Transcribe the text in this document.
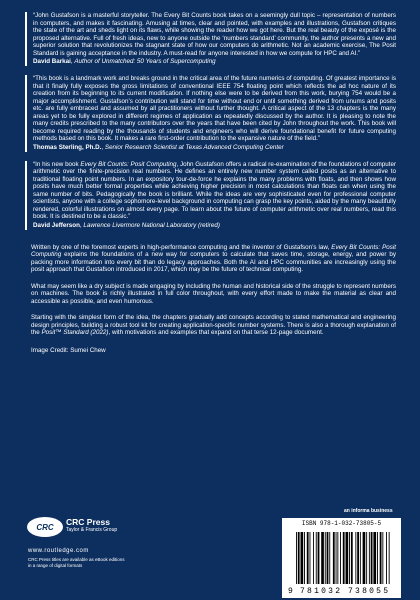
“John Gustafson is a masterful storyteller. The Every Bit Counts book takes on a seemingly dull topic – representation of numbers in computers, and makes it fascinating. Amusing at times, clear and pointed, with examples and illustrations, Gustafson critiques the state of the art and sheds light on its flaws, while showing the reader how we got here. But the real beauty of the exposé is the proposed alternative. Full of fresh ideas, new to anyone outside the ‘numbers standard’ community, the author presents a new and superior solution that revolutionizes the stagnant state of how our computers do arithmetic. Not an academic exercise, The Posit Standard is gaining acceptance in the industry. A must-read for anyone interested in how we compute for HPC and AI.”

David Barkai, Author of Unmatched: 50 Years of Supercomputing

“This book is a landmark work and breaks ground in the critical area of the future numerics of computing. Of greatest importance is that it finally fully exposes the gross limitations of conventional IEEE 754 floating point which reflects the ad hoc nature of its creation from its beginning to its current modification. If nothing else were to be derived from this work, burying 754 would be a major accomplishment. Gustafson’s contribution will stand for time without end or until something derived from unums and posits etc. are fully embraced and assumed by all practitioners without further thought. A critical aspect of the 13 chapters is the many areas yet to be fully explored in different regimes of application as repeatedly discussed by the author. It is pleasing to note the many credits prescribed to the many contributors over the years that have been cited by John throughout the work. This book will become required reading by the thousands of students and engineers who will derive foundational benefit for future computing methods based on this book. It makes a rare first-order contribution to the expansive nature of the field.”

Thomas Sterling, Ph.D., Senior Research Scientist at Texas Advanced Computing Center

“In his new book Every Bit Counts: Posit Computing, John Gustafson offers a radical re-examination of the foundations of computer arithmetic over the finite-precision real numbers. He defines an entirely new number system called posits as an alternative to traditional floating point numbers. In an expository tour-de-force he explains the many problems with floats, and then shows how posits have much better formal properties while achieving higher precision in most calculations than floats can when using the same number of bits. Pedagogically the book is brilliant. While the ideas are very sophisticated even for professional computer scientists, anyone with a college sophomore-level background in computing can grasp the key points, aided by the many beautifully rendered, colorful illustrations on almost every page. To learn about the future of computer arithmetic over real numbers, read this book. It is destined to be a classic.”

David Jefferson, Lawrence Livermore National Laboratory (retired)

Written by one of the foremost experts in high-performance computing and the inventor of Gustafson’s law, Every Bit Counts: Posit Computing explains the foundations of a new way for computers to calculate that saves time, storage, energy, and power by packing more information into every bit than do legacy approaches. Both the AI and HPC communities are increasingly using the posit approach that Gustafson introduced in 2017, which may be the future of technical computing.

What may seem like a dry subject is made engaging by including the human and historical side of the struggle to represent numbers on machines. The book is richly illustrated in full color throughout, with every effort made to make the material as clear and accessible as possible, and even humorous.

Starting with the simplest form of the idea, the chapters gradually add concepts according to stated mathematical and engineering design principles, building a robust tool kit for creating application-specific number systems. There is also a thorough explanation of the Posit™ Standard (2022), with motivations and examples that expand on that terse 12-page document.

Image Credit: Sumei Chew

CRC CRC Press
Taylor & Francis Group
www.routledge.com
CRC Press titles are available as eBook editions
in a range of digital formats
an informa business
ISBN 978-1-032-73805-5
9 781032 738055
